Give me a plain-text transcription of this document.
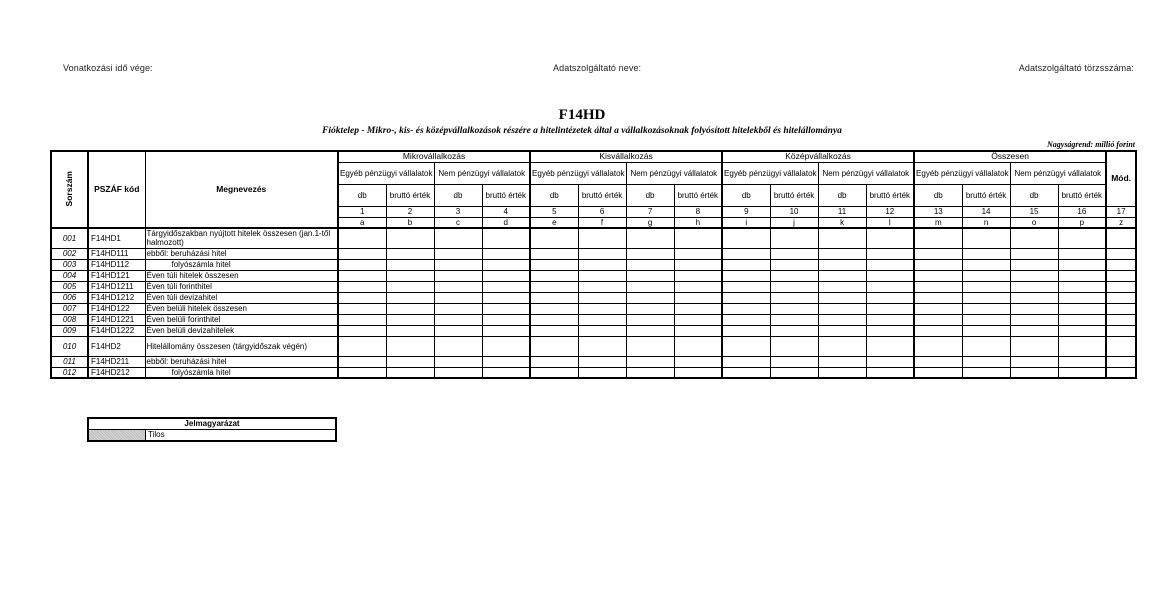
Vonatkozási idő vége:	Adatszolgáltató neve:	Adatszolgáltató törzsszáma:
F14HD
Fióktelep - Mikro-, kis- és középvállalkozások részére a hitelintézetek által a vállalkozásoknak folyósított hitelekből és hitelállománya
Nagyságrend: millió forint
Sorszám	PSZÁF kód	Megnevezés	Mikrovállalkozás				Kisvállalkozás				Középvállalkozás				Összesen				Mód.
			Egyéb pénzügyi vállalatok		Nem pénzügyi vállalatok		Egyéb pénzügyi vállalatok		Nem pénzügyi vállalatok		Egyéb pénzügyi vállalatok		Nem pénzügyi vállalatok		Egyéb pénzügyi vállalatok		Nem pénzügyi vállalatok		
			db	bruttó érték	db	bruttó érték	db	bruttó érték	db	bruttó érték	db	bruttó érték	db	bruttó érték	db	bruttó érték	db	bruttó érték	
			1	2	3	4	5	6	7	8	9	10	11	12	13	14	15	16	17
			a	b	c	d	e	f	g	h	i	j	k	l	m	n	o	p	z
001	F14HD1	Tárgyidőszakban nyújtott hitelek összesen (jan.1-től halmozott)																	
002	F14HD111	ebből: beruházási hitel																	
003	F14HD112	folyószámla hitel																	
004	F14HD121	Éven túli hitelek összesen																	
005	F14HD1211	Éven túli forinthitel																	
006	F14HD1212	Éven túli devizahitel																	
007	F14HD122	Éven belüli hitelek összesen																	
008	F14HD1221	Éven belüli forinthitel																	
009	F14HD1222	Éven belüli devizahitelek																	
010	F14HD2	Hitelállomány összesen (tárgyidőszak végén)																	
011	F14HD211	ebből: beruházási hitel																	
012	F14HD212	folyószámla hitel																	
Jelmagyarázat
	Tilos
